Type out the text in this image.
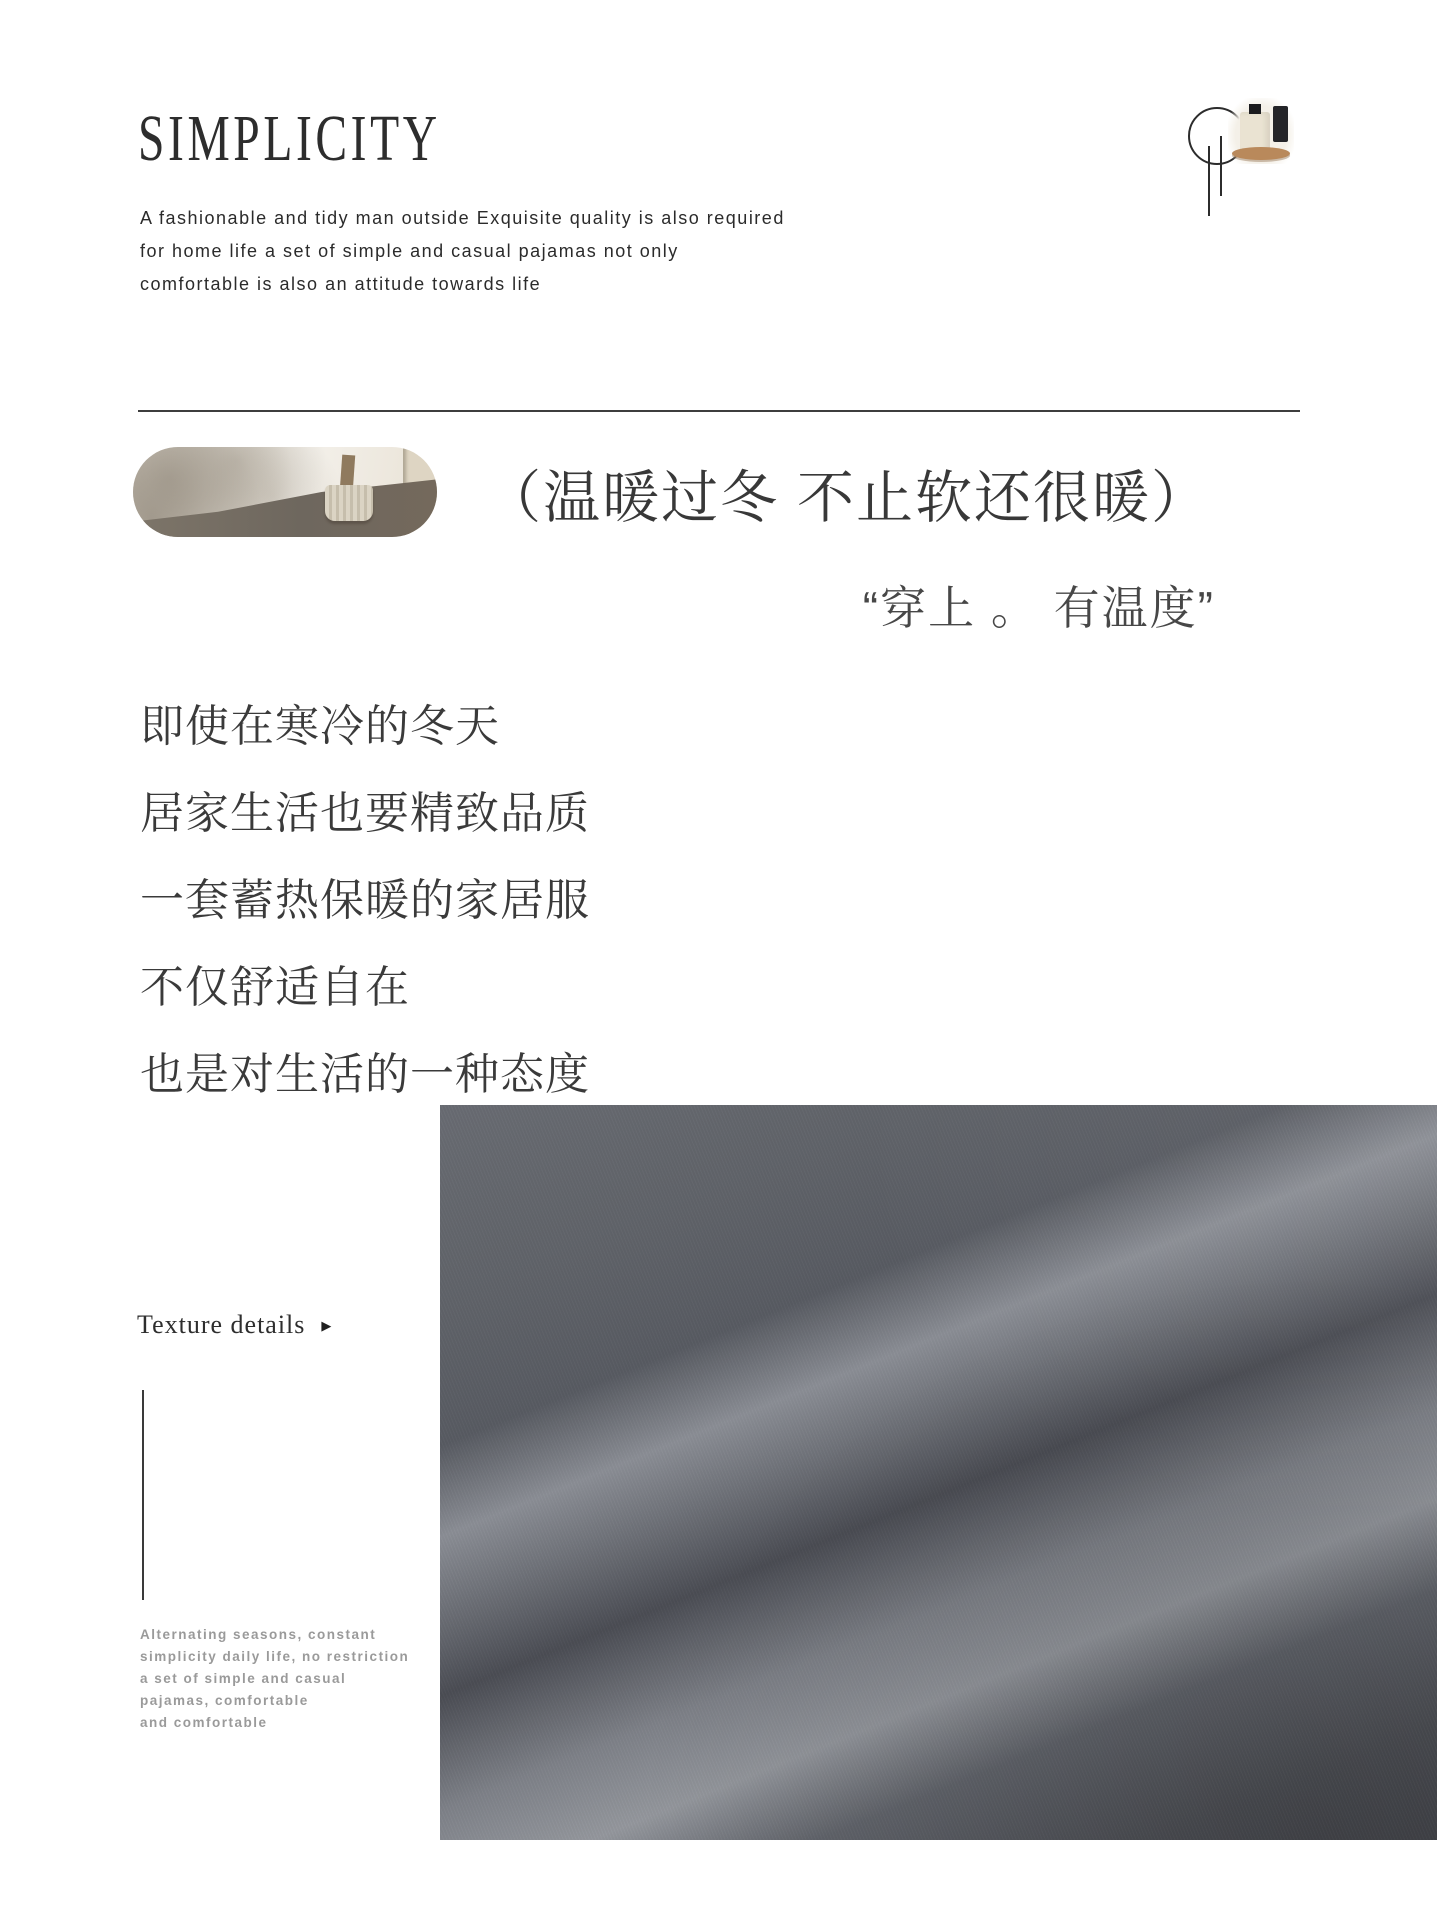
SIMPLICITY
A fashionable and tidy man outside Exquisite quality is also required
for home life a set of simple and casual pajamas not only
comfortable is also an attitude towards life
（温暖过冬 不止软还很暖）
“穿上 。 有温度”
即使在寒冷的冬天
居家生活也要精致品质
一套蓄热保暖的家居服
不仅舒适自在
也是对生活的一种态度
Texture details ▶
Alternating seasons, constant
simplicity daily life, no restriction
a set of simple and casual
pajamas, comfortable
and comfortable
